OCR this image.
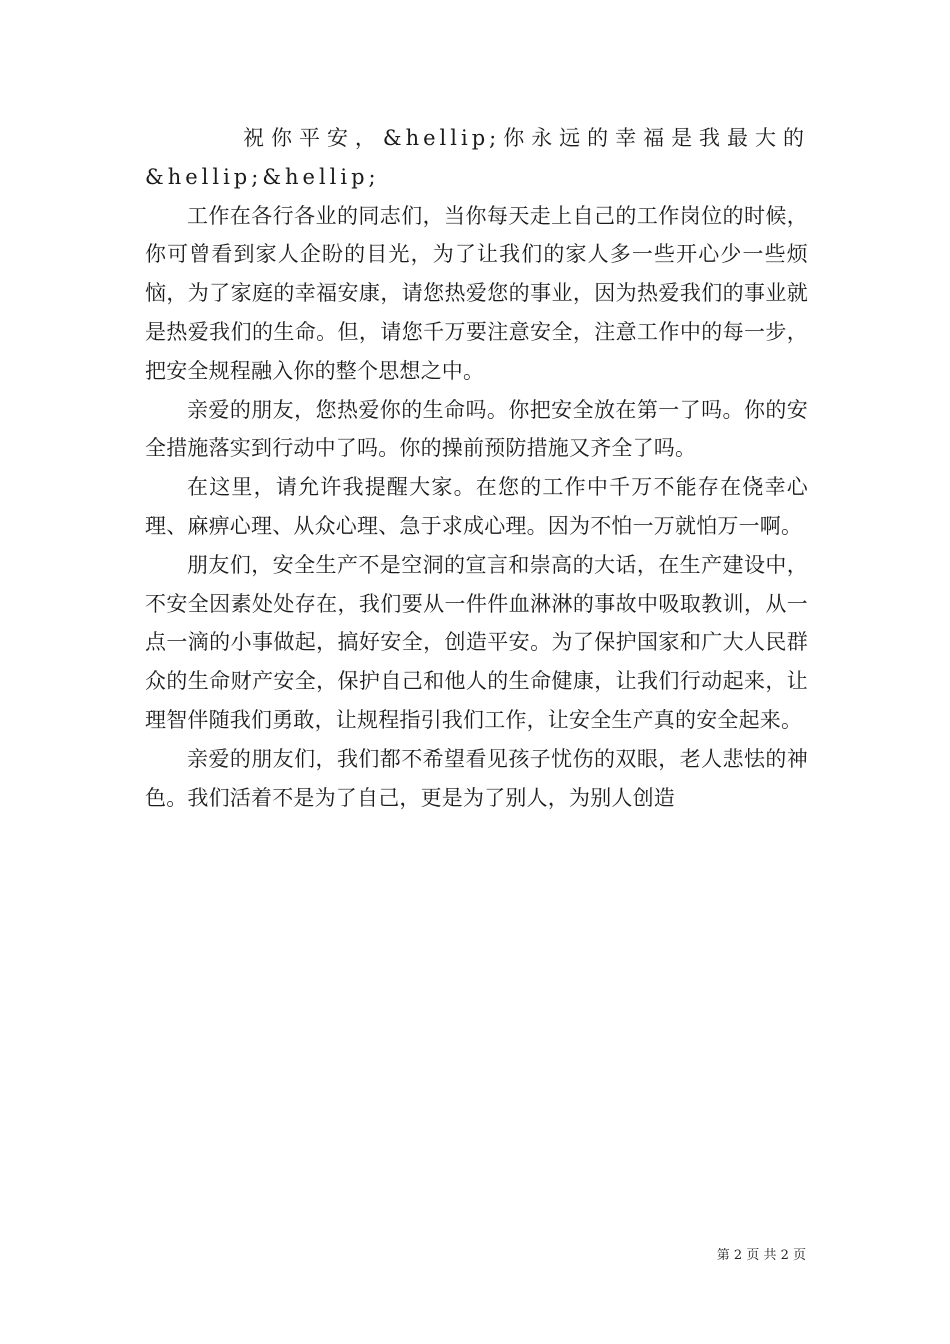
祝你平安，&hellip;你永远的幸福是我最大的&hellip;&hellip;

工作在各行各业的同志们，当你每天走上自己的工作岗位的时候，你可曾看到家人企盼的目光，为了让我们的家人多一些开心少一些烦恼，为了家庭的幸福安康，请您热爱您的事业，因为热爱我们的事业就是热爱我们的生命。但，请您千万要注意安全，注意工作中的每一步，把安全规程融入你的整个思想之中。

亲爱的朋友，您热爱你的生命吗。你把安全放在第一了吗。你的安全措施落实到行动中了吗。你的操前预防措施又齐全了吗。

在这里，请允许我提醒大家。在您的工作中千万不能存在侥幸心理、麻痹心理、从众心理、急于求成心理。因为不怕一万就怕万一啊。

朋友们，安全生产不是空洞的宣言和崇高的大话，在生产建设中，不安全因素处处存在，我们要从一件件血淋淋的事故中吸取教训，从一点一滴的小事做起，搞好安全，创造平安。为了保护国家和广大人民群众的生命财产安全，保护自己和他人的生命健康，让我们行动起来，让理智伴随我们勇敢，让规程指引我们工作，让安全生产真的安全起来。

亲爱的朋友们，我们都不希望看见孩子忧伤的双眼，老人悲怯的神色。我们活着不是为了自己，更是为了别人，为别人创造

第 2 页 共 2 页
